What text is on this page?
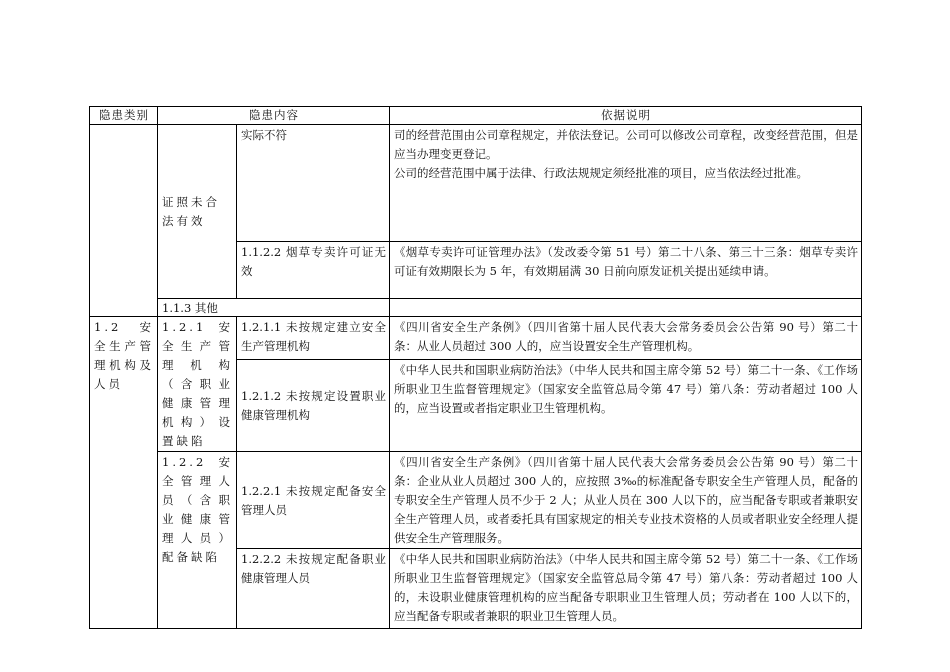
隐患类别	隐患内容		依据说明
	证照未合法有效	实际不符	司的经营范围由公司章程规定，并依法登记。公司可以修改公司章程，改变经营范围，但是应当办理变更登记。

公司的经营范围中属于法律、行政法规规定须经批准的项目，应当依法经过批准。

		1.1.2.2 烟草专卖许可证无效	《烟草专卖许可证管理办法》（发改委令第 51 号）第二十八条、第三十三条：烟草专卖许可证有效期限长为 5 年，有效期届满 30 日前向原发证机关提出延续申请。
	1.1.3 其他		
1.2 安全生产管理机构及人员	1.2.1 安全生产管理机构（含职业健康管理机构）设置缺陷	1.2.1.1 未按规定建立安全生产管理机构	《四川省安全生产条例》（四川省第十届人民代表大会常务委员会公告第 90 号）第二十条：从业人员超过 300 人的，应当设置安全生产管理机构。
		1.2.1.2 未按规定设置职业健康管理机构	《中华人民共和国职业病防治法》（中华人民共和国主席令第 52 号）第二十一条、《工作场所职业卫生监督管理规定》（国家安全监管总局令第 47 号）第八条：劳动者超过 100 人的，应当设置或者指定职业卫生管理机构。
	1.2.2 安全管理人员（含职业健康管理人员）配备缺陷	1.2.2.1 未按规定配备安全管理人员	《四川省安全生产条例》（四川省第十届人民代表大会常务委员会公告第 90 号）第二十条：企业从业人员超过 300 人的，应按照 3‰的标准配备专职安全生产管理人员，配备的专职安全生产管理人员不少于 2 人；从业人员在 300 人以下的，应当配备专职或者兼职安全生产管理人员，或者委托具有国家规定的相关专业技术资格的人员或者职业安全经理人提供安全生产管理服务。
		1.2.2.2 未按规定配备职业健康管理人员	《中华人民共和国职业病防治法》（中华人民共和国主席令第 52 号）第二十一条、《工作场所职业卫生监督管理规定》（国家安全监管总局令第 47 号）第八条：劳动者超过 100 人的，未设职业健康管理机构的应当配备专职职业卫生管理人员；劳动者在 100 人以下的，应当配备专职或者兼职的职业卫生管理人员。
